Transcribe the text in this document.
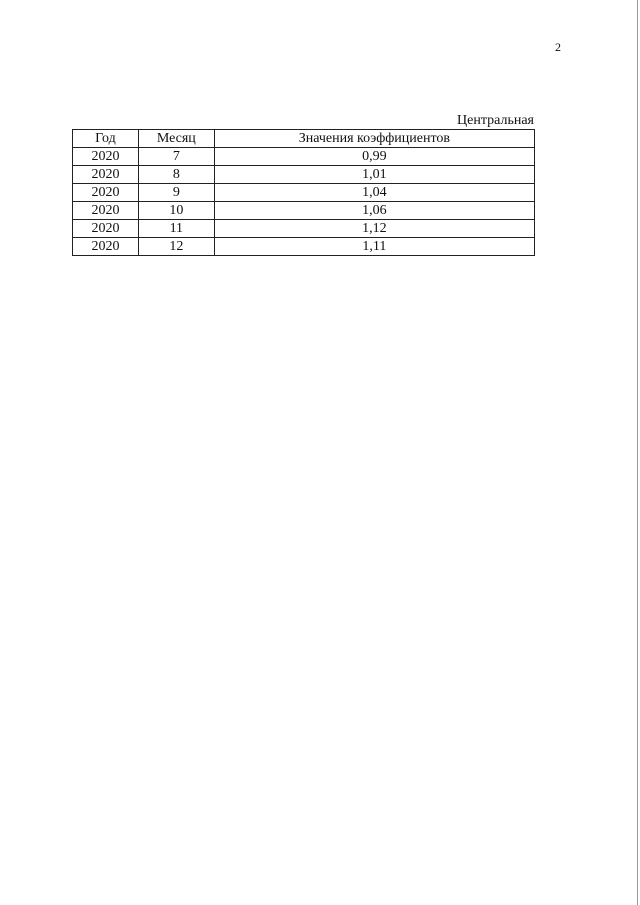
2
Центральная
Год	Месяц	Значения коэффициентов
2020	7	0,99
2020	8	1,01
2020	9	1,04
2020	10	1,06
2020	11	1,12
2020	12	1,11
